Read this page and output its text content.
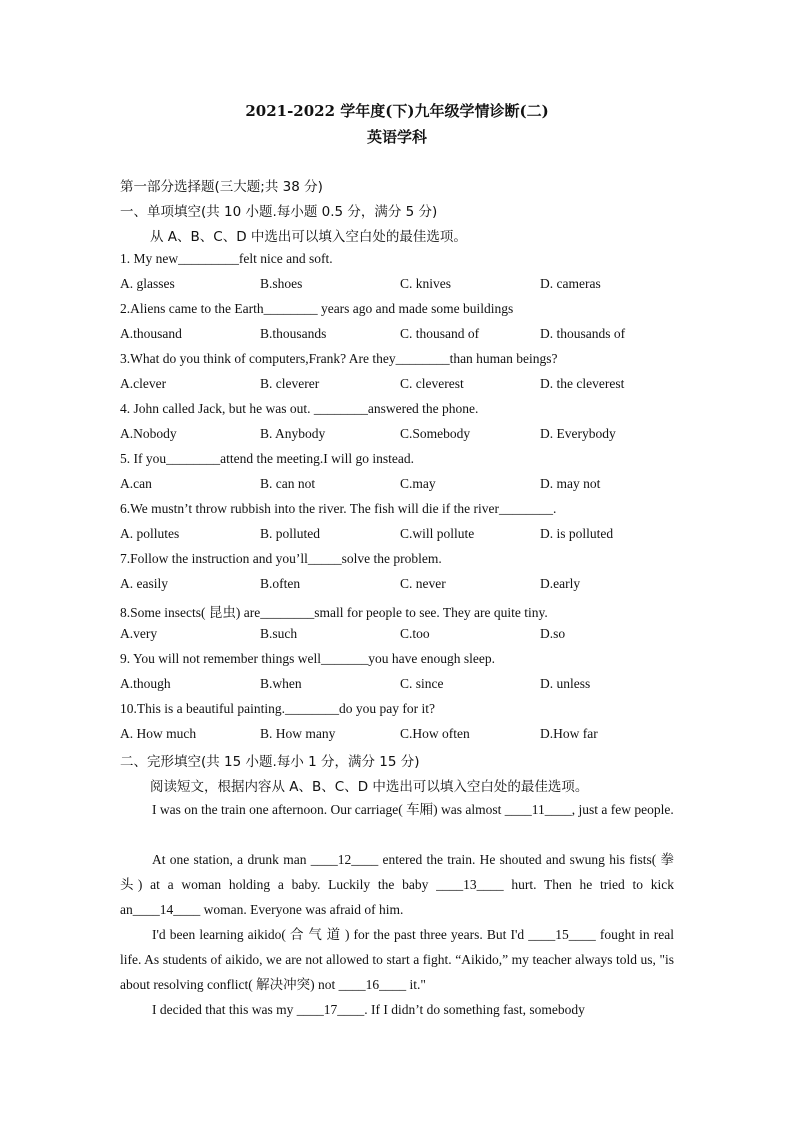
2021-2022 学年度(下)九年级学情诊断(二)
英语学科
第一部分选择题(三大题;共 38 分)
一、单项填空(共 10 小题.每小题 0.5 分，满分 5 分)
从 A、B、C、D 中选出可以填入空白处的最佳选项。
1. My new_________felt nice and soft.
A. glasses	B.shoes	C. knives	D. cameras
2.Aliens came to the Earth________ years ago and made some buildings
A.thousand	B.thousands	C. thousand of	D. thousands of
3.What do you think of computers,Frank? Are they________than human beings?
A.clever	B. cleverer	C. cleverest	D. the cleverest
4. John called Jack, but he was out. ________answered the phone.
A.Nobody	B. Anybody	C.Somebody	D. Everybody
5. If you________attend the meeting.I will go instead.
A.can	B. can not	C.may	D. may not
6.We mustn’t throw rubbish into the river. The fish will die if the river________.
A. pollutes	B. polluted	C.will pollute	D. is polluted
7.Follow the instruction and you’ll_____solve the problem.
A. easily	B.often	C. never	D.early
8.Some insects( 昆虫) are________small for people to see. They are quite tiny.
A.very	B.such	C.too	D.so
9. You will not remember things well_______you have enough sleep.
A.though	B.when	C. since	D. unless
10.This is a beautiful painting.________do you pay for it?
A. How much	B. How many	C.How often	D.How far
二、完形填空(共 15 小题.每小 1 分，满分 15 分)
阅读短文，根据内容从 A、B、C、D 中选出可以填入空白处的最佳选项。
I was on the train one afternoon. Our carriage( 车厢) was almost ____11____, just a few people.
At one station, a drunk man ____12____ entered the train. He shouted and swung his fists( 拳头) at a woman holding a baby. Luckily the baby ____13____ hurt. Then he tried to kick an____14____ woman. Everyone was afraid of him.
I'd been learning aikido( 合 气 道 ) for the past three years. But I'd ____15____ fought in real life. As students of aikido, we are not allowed to start a fight. “Aikido,” my teacher always told us, "is about resolving conflict( 解决冲突) not ____16____ it."
I decided that this was my ____17____. If I didn’t do something fast, somebody
